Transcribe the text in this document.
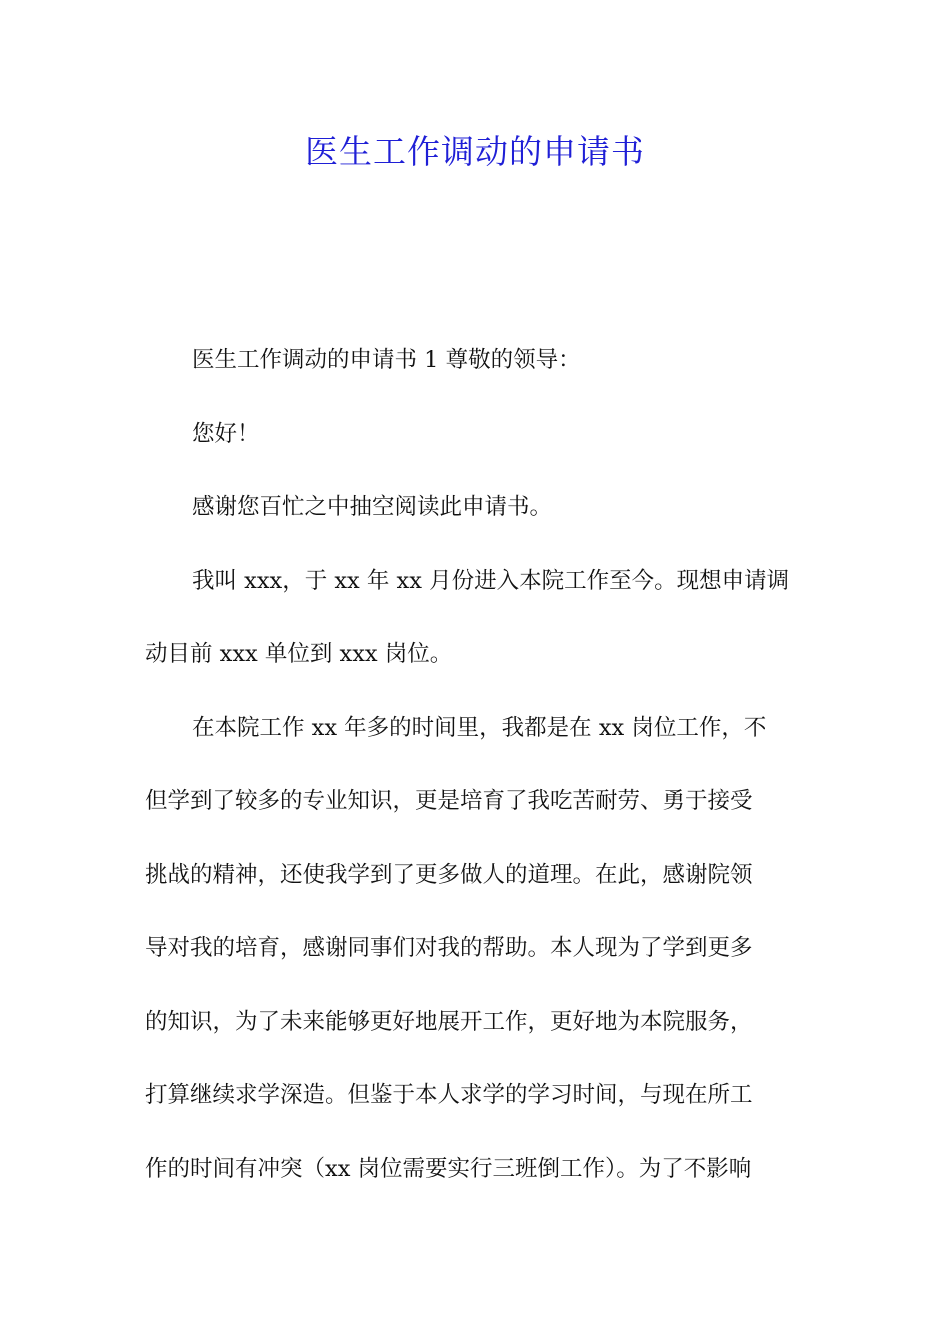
医生工作调动的申请书
医生工作调动的申请书 1 尊敬的领导：
您好！
感谢您百忙之中抽空阅读此申请书。
我叫 xxx，于 xx 年 xx 月份进入本院工作至今。现想申请调
动目前 xxx 单位到 xxx 岗位。
在本院工作 xx 年多的时间里，我都是在 xx 岗位工作，不
但学到了较多的专业知识，更是培育了我吃苦耐劳、勇于接受
挑战的精神，还使我学到了更多做人的道理。在此，感谢院领
导对我的培育，感谢同事们对我的帮助。本人现为了学到更多
的知识，为了未来能够更好地展开工作，更好地为本院服务，
打算继续求学深造。但鉴于本人求学的学习时间，与现在所工
作的时间有冲突（xx 岗位需要实行三班倒工作）。为了不影响
